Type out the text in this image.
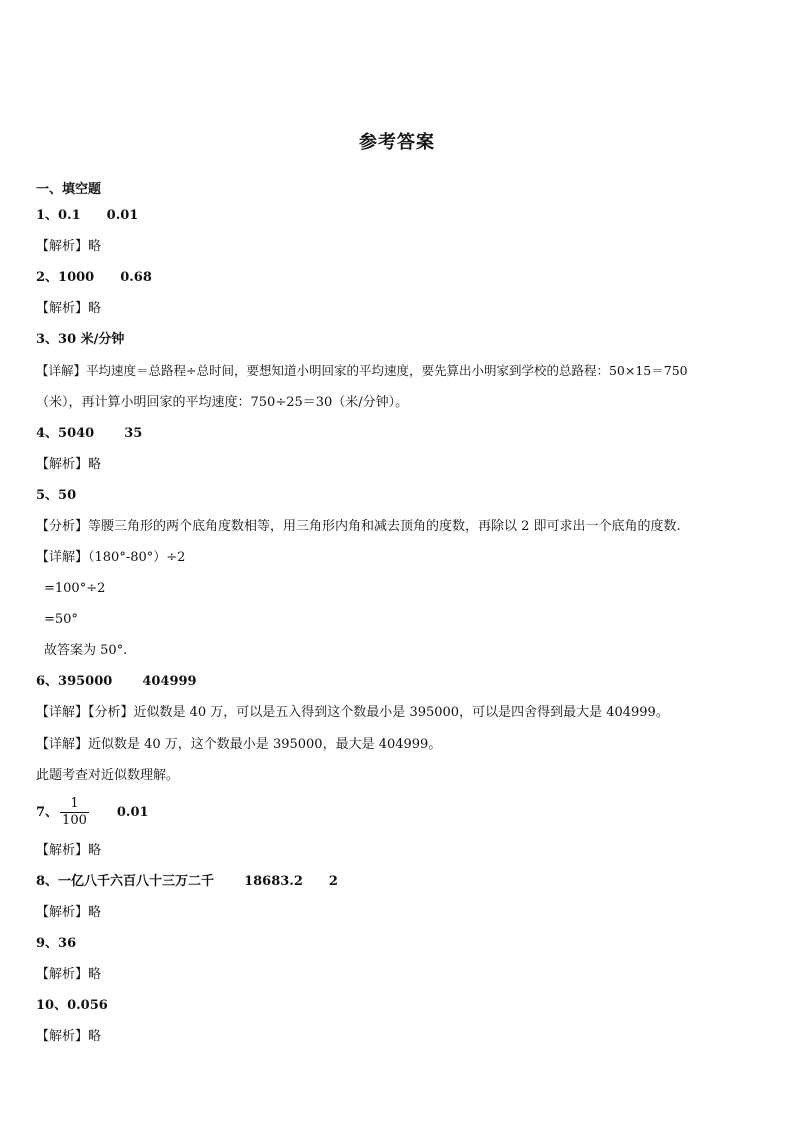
参考答案
一、填空题
1、0.1 0.01
【解析】略
2、1000 0.68
【解析】略
3、30 米/分钟
【详解】平均速度＝总路程÷总时间，要想知道小明回家的平均速度，要先算出小明家到学校的总路程：50×15＝750
（米），再计算小明回家的平均速度：750÷25＝30（米/分钟）。
4、5040 35
【解析】略
5、50
【分析】等腰三角形的两个底角度数相等，用三角形内角和减去顶角的度数，再除以 2 即可求出一个底角的度数.
【详解】（180°-80°）÷2
=100°÷2
=50°
故答案为 50°.
6、395000 404999
【详解】【分析】近似数是 40 万，可以是五入得到这个数最小是 395000，可以是四舍得到最大是 404999。
【详解】近似数是 40 万，这个数最小是 395000，最大是 404999。
此题考查对近似数理解。
7、 $\frac{1}{100} 0.01$
【解析】略
8、一亿八千六百八十三万二千 18683.2 2
【解析】略
9、36
【解析】略
10、0.056
【解析】略
